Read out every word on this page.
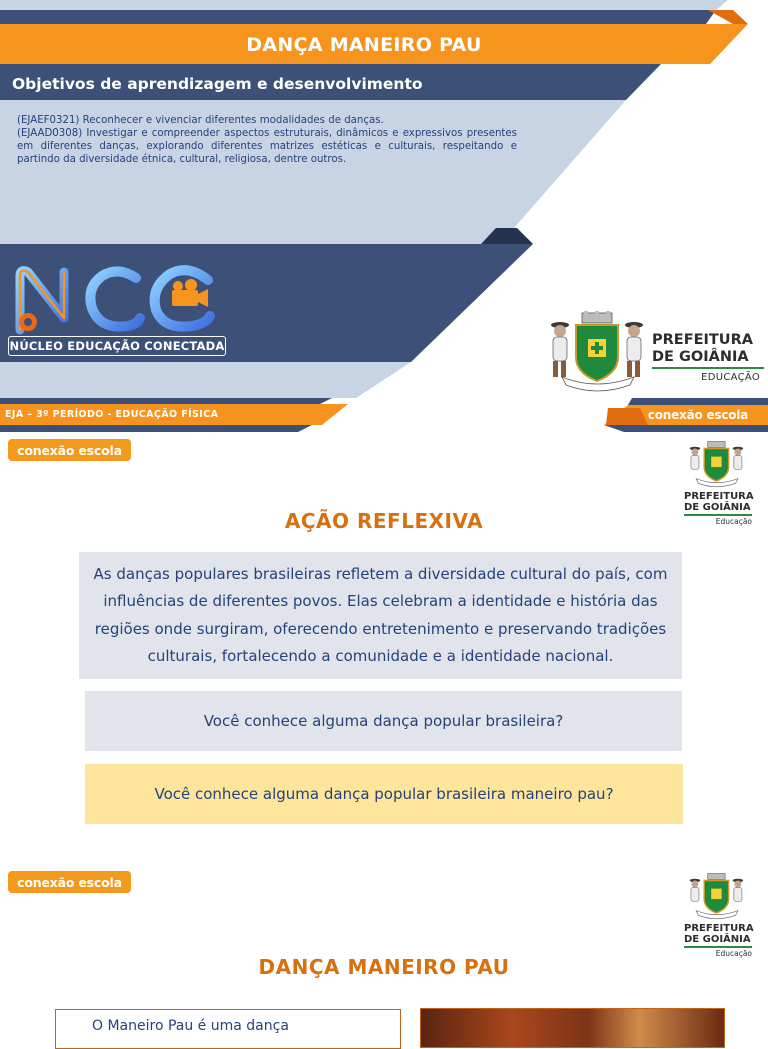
DANÇA MANEIRO PAU
Objetivos de aprendizagem e desenvolvimento

(EJAEF0321) Reconhecer e vivenciar diferentes modalidades de danças.

(EJAAD0308) Investigar e compreender aspectos estruturais, dinâmicos e expressivos presentes em diferentes danças, explorando diferentes matrizes estéticas e culturais, respeitando e partindo da diversidade étnica, cultural, religiosa, dentre outros.

NÚCLEO EDUCAÇÃO CONECTADA	PREFEITURA
DE GOIÂNIA
EDUCAÇÃO
EJA – 3º PERÍODO - EDUCAÇÃO FÍSICA	conexão escola
conexão escola
PREFEITURA
DE GOIÂNIA
Educação
AÇÃO REFLEXIVA
As danças populares brasileiras refletem a diversidade cultural do país, com influências de diferentes povos. Elas celebram a identidade e história das regiões onde surgiram, oferecendo entretenimento e preservando tradições culturais, fortalecendo a comunidade e a identidade nacional.
Você conhece alguma dança popular brasileira?
Você conhece alguma dança popular brasileira maneiro pau?
conexão escola
PREFEITURA
DE GOIÂNIA
Educação
DANÇA MANEIRO PAU
O Maneiro Pau é uma dança
